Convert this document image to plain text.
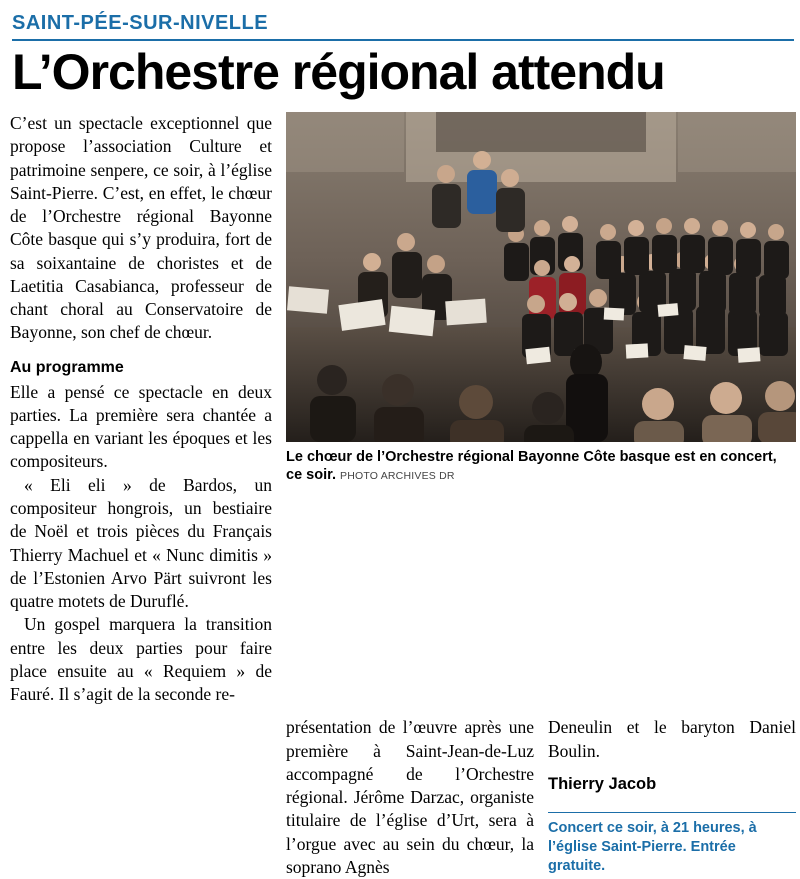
SAINT-PÉE-SUR-NIVELLE
L’Orchestre régional attendu

C’est un spectacle exceptionnel que propose l’association Culture et patrimoine senpere, ce soir, à l’église Saint-Pierre. C’est, en effet, le chœur de l’Orchestre régional Bayonne Côte basque qui s’y produira, fort de sa soixantaine de choristes et de Laetitia Casabianca, professeur de chant choral au Conservatoire de Bayonne, son chef de chœur.

Au programme

Elle a pensé ce spectacle en deux parties. La première sera chantée a cappella en variant les époques et les compositeurs.

« Eli eli » de Bardos, un compositeur hongrois, un bestiaire de Noël et trois pièces du Français Thierry Machuel et « Nunc dimitis » de l’Estonien Arvo Pärt suivront les quatre motets de Duruflé.

Un gospel marquera la transition entre les deux parties pour faire place ensuite au « Requiem » de Fauré. Il s’agit de la seconde re-

Le chœur de l’Orchestre régional Bayonne Côte basque est en concert, ce soir. PHOTO ARCHIVES DR

présentation de l’œuvre après une première à Saint-Jean-de-Luz accompagné de l’Orchestre régional. Jérôme Darzac, organiste titulaire de l’église d’Urt, sera à l’orgue avec au sein du chœur, la soprano Agnès

Deneulin et le baryton Daniel Boulin.

Thierry Jacob
Concert ce soir, à 21 heures, à l’église Saint-Pierre. Entrée gratuite.
